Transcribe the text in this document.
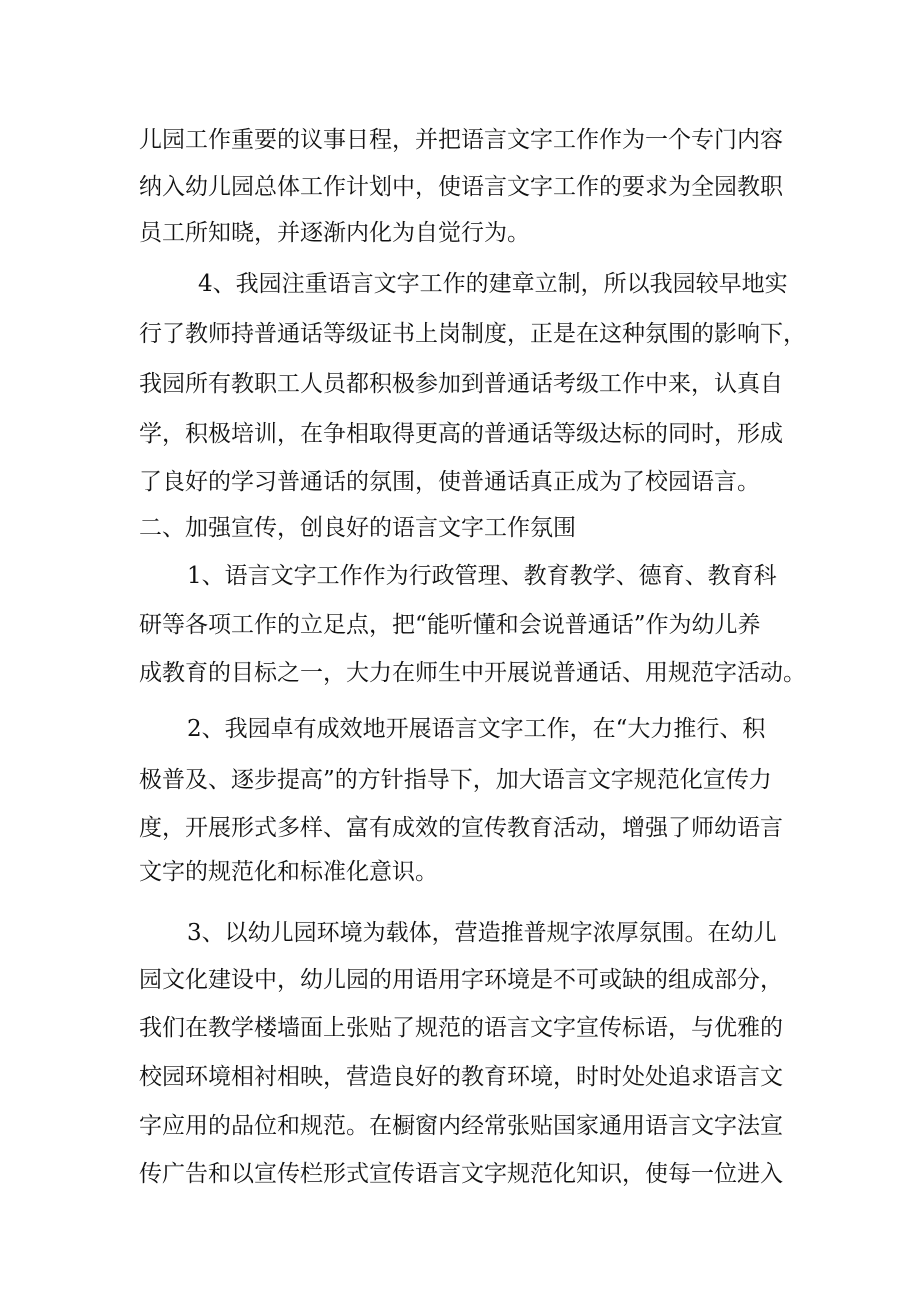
儿园工作重要的议事日程，并把语言文字工作作为一个专门内容
纳入幼儿园总体工作计划中，使语言文字工作的要求为全园教职
员工所知晓，并逐渐内化为自觉行为。
4、我园注重语言文字工作的建章立制，所以我园较早地实
行了教师持普通话等级证书上岗制度，正是在这种氛围的影响下，
我园所有教职工人员都积极参加到普通话考级工作中来，认真自
学，积极培训，在争相取得更高的普通话等级达标的同时，形成
了良好的学习普通话的氛围，使普通话真正成为了校园语言。
二、加强宣传，创良好的语言文字工作氛围
1、语言文字工作作为行政管理、教育教学、德育、教育科
研等各项工作的立足点，把“能听懂和会说普通话”作为幼儿养
成教育的目标之一，大力在师生中开展说普通话、用规范字活动。
2、我园卓有成效地开展语言文字工作，在“大力推行、积
极普及、逐步提高”的方针指导下，加大语言文字规范化宣传力
度，开展形式多样、富有成效的宣传教育活动，增强了师幼语言
文字的规范化和标准化意识。
3、以幼儿园环境为载体，营造推普规字浓厚氛围。在幼儿
园文化建设中，幼儿园的用语用字环境是不可或缺的组成部分，
我们在教学楼墙面上张贴了规范的语言文字宣传标语，与优雅的
校园环境相衬相映，营造良好的教育环境，时时处处追求语言文
字应用的品位和规范。在橱窗内经常张贴国家通用语言文字法宣
传广告和以宣传栏形式宣传语言文字规范化知识，使每一位进入
